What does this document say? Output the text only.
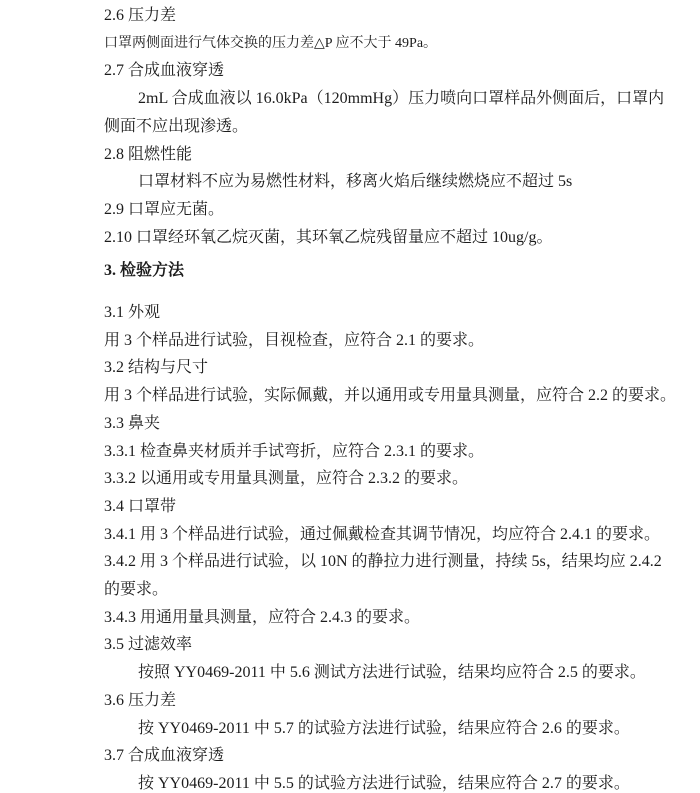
2.6 压力差
口罩两侧面进行气体交换的压力差△P 应不大于 49Pa。
2.7 合成血液穿透
2mL 合成血液以 16.0kPa（120mmHg）压力喷向口罩样品外侧面后，口罩内
侧面不应出现渗透。
2.8 阻燃性能
口罩材料不应为易燃性材料，移离火焰后继续燃烧应不超过 5s
2.9 口罩应无菌。
2.10 口罩经环氧乙烷灭菌，其环氧乙烷残留量应不超过 10ug/g。
3. 检验方法
3.1 外观
用 3 个样品进行试验，目视检查，应符合 2.1 的要求。
3.2 结构与尺寸
用 3 个样品进行试验，实际佩戴，并以通用或专用量具测量，应符合 2.2 的要求。
3.3 鼻夹
3.3.1 检查鼻夹材质并手试弯折，应符合 2.3.1 的要求。
3.3.2 以通用或专用量具测量，应符合 2.3.2 的要求。
3.4 口罩带
3.4.1 用 3 个样品进行试验，通过佩戴检查其调节情况，均应符合 2.4.1 的要求。
3.4.2 用 3 个样品进行试验，以 10N 的静拉力进行测量，持续 5s，结果均应 2.4.2
的要求。
3.4.3 用通用量具测量，应符合 2.4.3 的要求。
3.5 过滤效率
按照 YY0469-2011 中 5.6 测试方法进行试验，结果均应符合 2.5 的要求。
3.6 压力差
按 YY0469-2011 中 5.7 的试验方法进行试验，结果应符合 2.6 的要求。
3.7 合成血液穿透
按 YY0469-2011 中 5.5 的试验方法进行试验，结果应符合 2.7 的要求。
